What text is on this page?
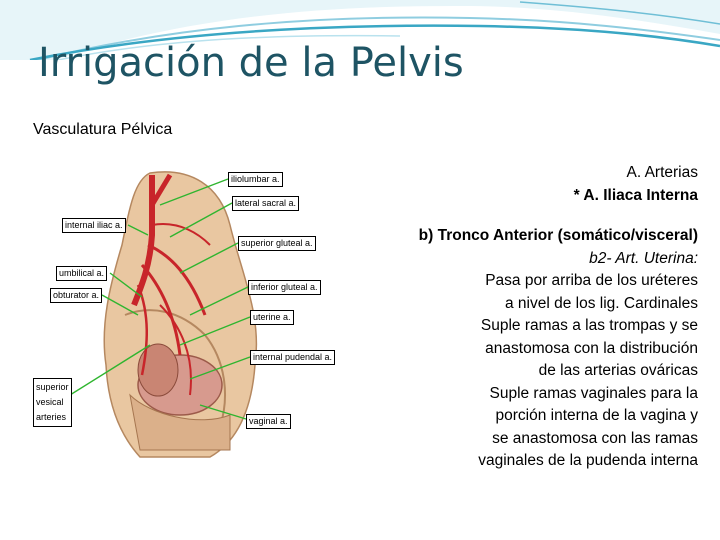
Irrigación de la Pelvis
Vasculatura Pélvica
iliolumbar a.
lateral sacral a.
internal iliac a.
superior gluteal a.
umbilical a.
obturator a.
inferior gluteal a.
uterine a.
internal pudendal a.
superior
vesical
arteries	vaginal a.
A. Arterias
* A. Iliaca Interna
b) Tronco Anterior (somático/visceral)
b2- Art. Uterina:
Pasa por arriba de los uréteres
a nivel de los lig. Cardinales
Suple ramas a las trompas y se
anastomosa con la distribución
de las arterias ováricas
Suple ramas vaginales para la
porción interna de la vagina y
se anastomosa con las ramas
vaginales de la pudenda interna
